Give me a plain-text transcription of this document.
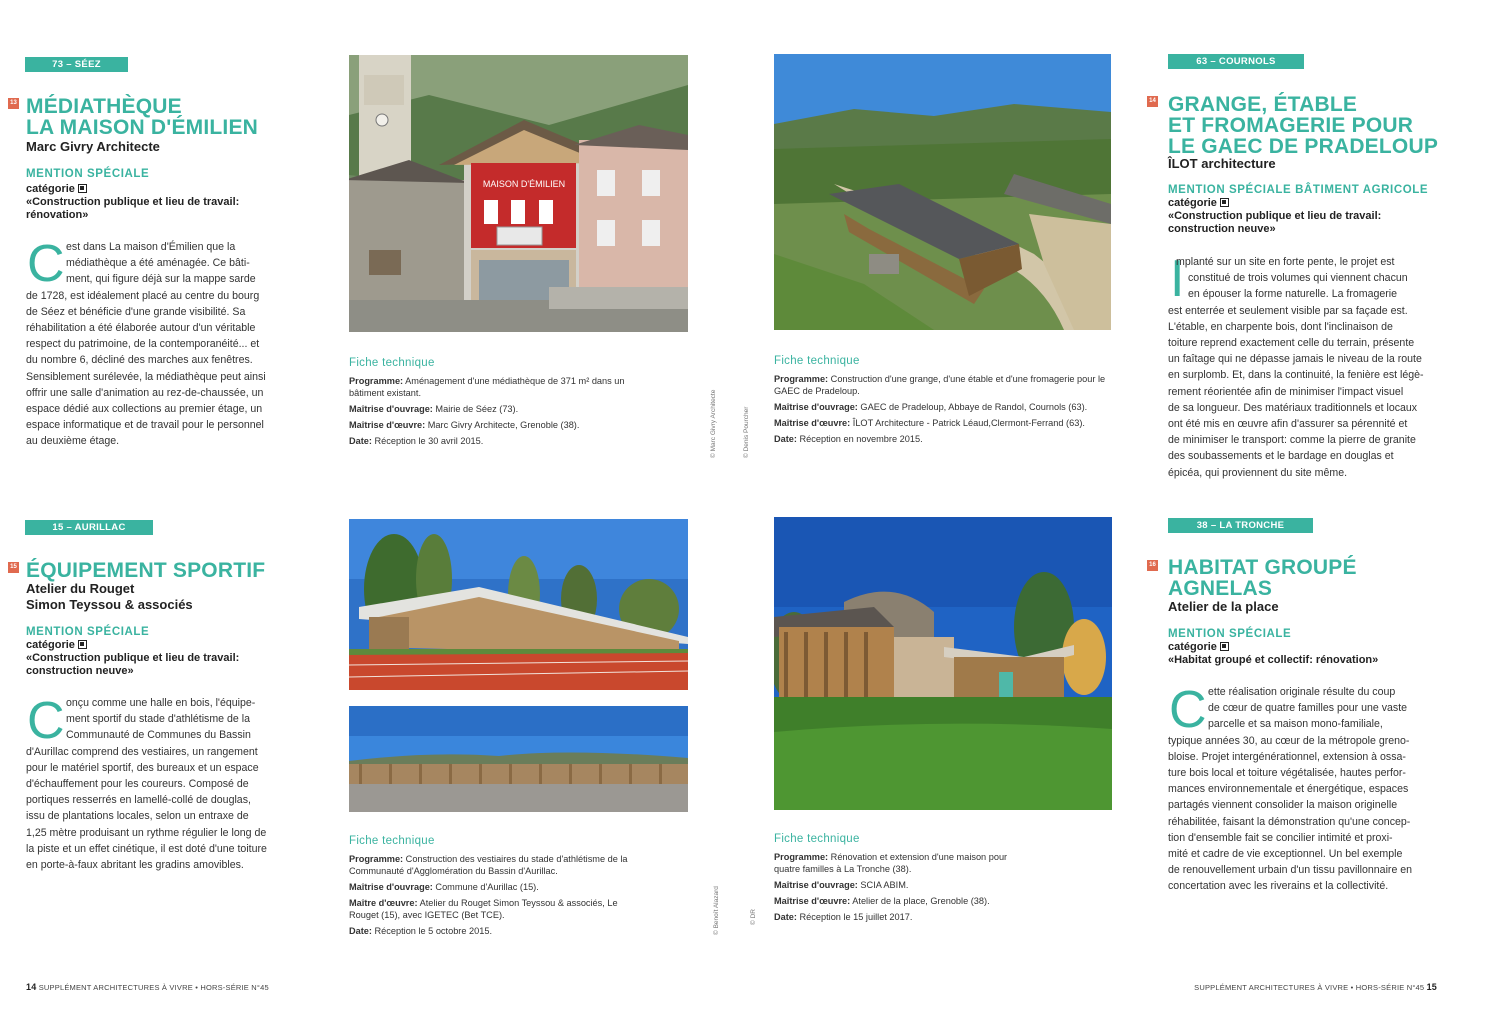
73 – SÉEZ
13 MÉDIATHÈQUE
LA MAISON D'ÉMILIEN
Marc Givry Architecte
MENTION SPÉCIALE
catégorie
«Construction publique et lieu de travail:
rénovation»
C est dans La maison d'Émilien que la
médiathèque a été aménagée. Ce bâti-
ment, qui figure déjà sur la mappe sarde
de 1728, est idéalement placé au centre du bourg
de Séez et bénéficie d'une grande visibilité. Sa
réhabilitation a été élaborée autour d'un véritable
respect du patrimoine, de la contemporanéité... et
du nombre 6, décliné des marches aux fenêtres.
Sensiblement surélevée, la médiathèque peut ainsi
offrir une salle d'animation au rez-de-chaussée, un
espace dédié aux collections au premier étage, un
espace informatique et de travail pour le personnel
au deuxième étage.
MAISON D'ÉMILIEN
© Marc Givry Architecte
Fiche technique
Programme: Aménagement d'une médiathèque de 371 m² dans un bâtiment existant.
Maîtrise d'ouvrage: Mairie de Séez (73).
Maîtrise d'œuvre: Marc Givry Architecte, Grenoble (38).
Date: Réception le 30 avril 2015.	© Denis Pourcher
Fiche technique
Programme: Construction d'une grange, d'une étable et d'une fromagerie pour le GAEC de Pradeloup.
Maîtrise d'ouvrage: GAEC de Pradeloup, Abbaye de Randol, Cournols (63).
Maîtrise d'œuvre: ÎLOT Architecture - Patrick Léaud,Clermont-Ferrand (63).
Date: Réception en novembre 2015.
63 – COURNOLS
14 GRANGE, ÉTABLE
ET FROMAGERIE POUR
LE GAEC DE PRADELOUP
ÎLOT architecture
MENTION SPÉCIALE BÂTIMENT AGRICOLE
catégorie
«Construction publique et lieu de travail:
construction neuve»
I
mplanté sur un site en forte pente, le projet est
constitué de trois volumes qui viennent chacun
en épouser la forme naturelle. La fromagerie
est enterrée et seulement visible par sa façade est.
L'étable, en charpente bois, dont l'inclinaison de
toiture reprend exactement celle du terrain, présente
un faîtage qui ne dépasse jamais le niveau de la route
en surplomb. Et, dans la continuité, la fenière est légè-
rement réorientée afin de minimiser l'impact visuel
de sa longueur. Des matériaux traditionnels et locaux
ont été mis en œuvre afin d'assurer sa pérennité et
de minimiser le transport: comme la pierre de granite
des soubassements et le bardage en douglas et
épicéa, qui proviennent du site même.
15 – AURILLAC
15 ÉQUIPEMENT SPORTIF
Atelier du Rouget
Simon Teyssou & associés
MENTION SPÉCIALE
catégorie
«Construction publique et lieu de travail:
construction neuve»
C onçu comme une halle en bois, l'équipe-
ment sportif du stade d'athlétisme de la
Communauté de Communes du Bassin
d'Aurillac comprend des vestiaires, un rangement
pour le matériel sportif, des bureaux et un espace
d'échauffement pour les coureurs. Composé de
portiques resserrés en lamellé-collé de douglas,
issu de plantations locales, selon un entraxe de
1,25 mètre produisant un rythme régulier le long de
la piste et un effet cinétique, il est doté d'une toiture
en porte-à-faux abritant les gradins amovibles.
© Benoît Alazard
Fiche technique
Programme: Construction des vestiaires du stade d'athlétisme de la Communauté d'Agglomération du Bassin d'Aurillac.
Maîtrise d'ouvrage: Commune d'Aurillac (15).
Maître d'œuvre: Atelier du Rouget Simon Teyssou & associés, Le Rouget (15), avec IGETEC (Bet TCE).
Date: Réception le 5 octobre 2015.
© DR
Fiche technique
Programme: Rénovation et extension d'une maison pour quatre familles à La Tronche (38).
Maîtrise d'ouvrage: SCIA ABIM.
Maîtrise d'œuvre: Atelier de la place, Grenoble (38).
Date: Réception le 15 juillet 2017.
38 – LA TRONCHE
16 HABITAT GROUPÉ
AGNELAS
Atelier de la place
MENTION SPÉCIALE
catégorie
«Habitat groupé et collectif: rénovation»
C ette réalisation originale résulte du coup
de cœur de quatre familles pour une vaste
parcelle et sa maison mono-familiale,
typique années 30, au cœur de la métropole greno-
bloise. Projet intergénérationnel, extension à ossa-
ture bois local et toiture végétalisée, hautes perfor-
mances environnementale et énergétique, espaces
partagés viennent consolider la maison originelle
réhabilitée, faisant la démonstration qu'une concep-
tion d'ensemble fait se concilier intimité et proxi-
mité et cadre de vie exceptionnel. Un bel exemple
de renouvellement urbain d'un tissu pavillonnaire en
concertation avec les riverains et la collectivité.
14 SUPPLÉMENT ARCHITECTURES À VIVRE • HORS-SÉRIE N°45	SUPPLÉMENT ARCHITECTURES À VIVRE • HORS-SÉRIE N°45 15
